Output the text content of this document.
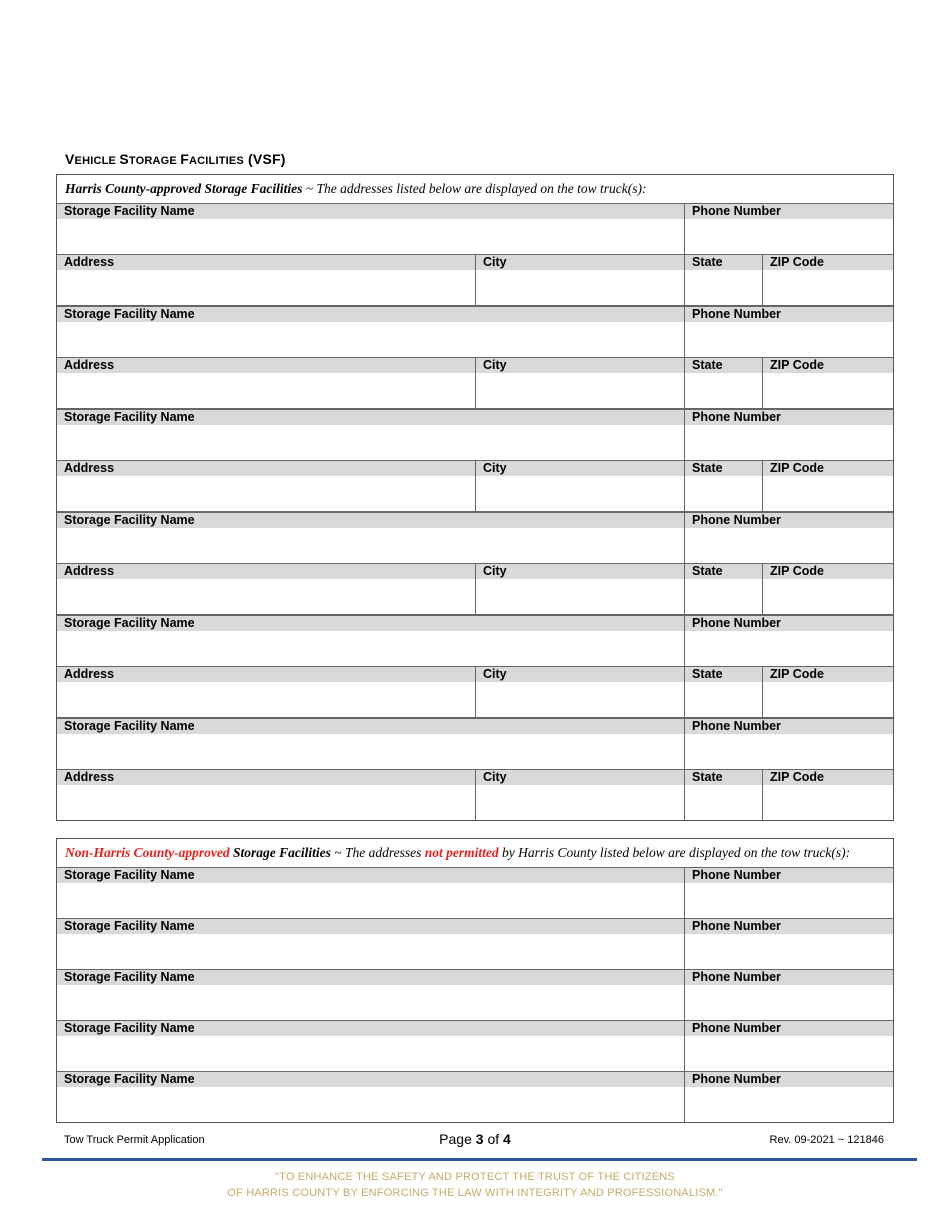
VEHICLE STORAGE FACILITIES (VSF)
Harris County-approved Storage Facilities ~ The addresses listed below are displayed on the tow truck(s):
Storage Facility Name	Phone Number
Address	City	State	ZIP Code
Storage Facility Name	Phone Number
Address	City	State	ZIP Code
Storage Facility Name	Phone Number
Address	City	State	ZIP Code
Storage Facility Name	Phone Number
Address	City	State	ZIP Code
Storage Facility Name	Phone Number
Address	City	State	ZIP Code
Storage Facility Name	Phone Number
Address	City	State	ZIP Code
Non-Harris County-approved Storage Facilities ~ The addresses not permitted by Harris County listed below are displayed on the tow truck(s):
Storage Facility Name	Phone Number
Storage Facility Name	Phone Number
Storage Facility Name	Phone Number
Storage Facility Name	Phone Number
Storage Facility Name	Phone Number
Tow Truck Permit Application	Page 3 of 4	Rev. 09-2021 ~ 121846
"TO ENHANCE THE SAFETY AND PROTECT THE TRUST OF THE CITIZENS
OF HARRIS COUNTY BY ENFORCING THE LAW WITH INTEGRITY AND PROFESSIONALISM."
